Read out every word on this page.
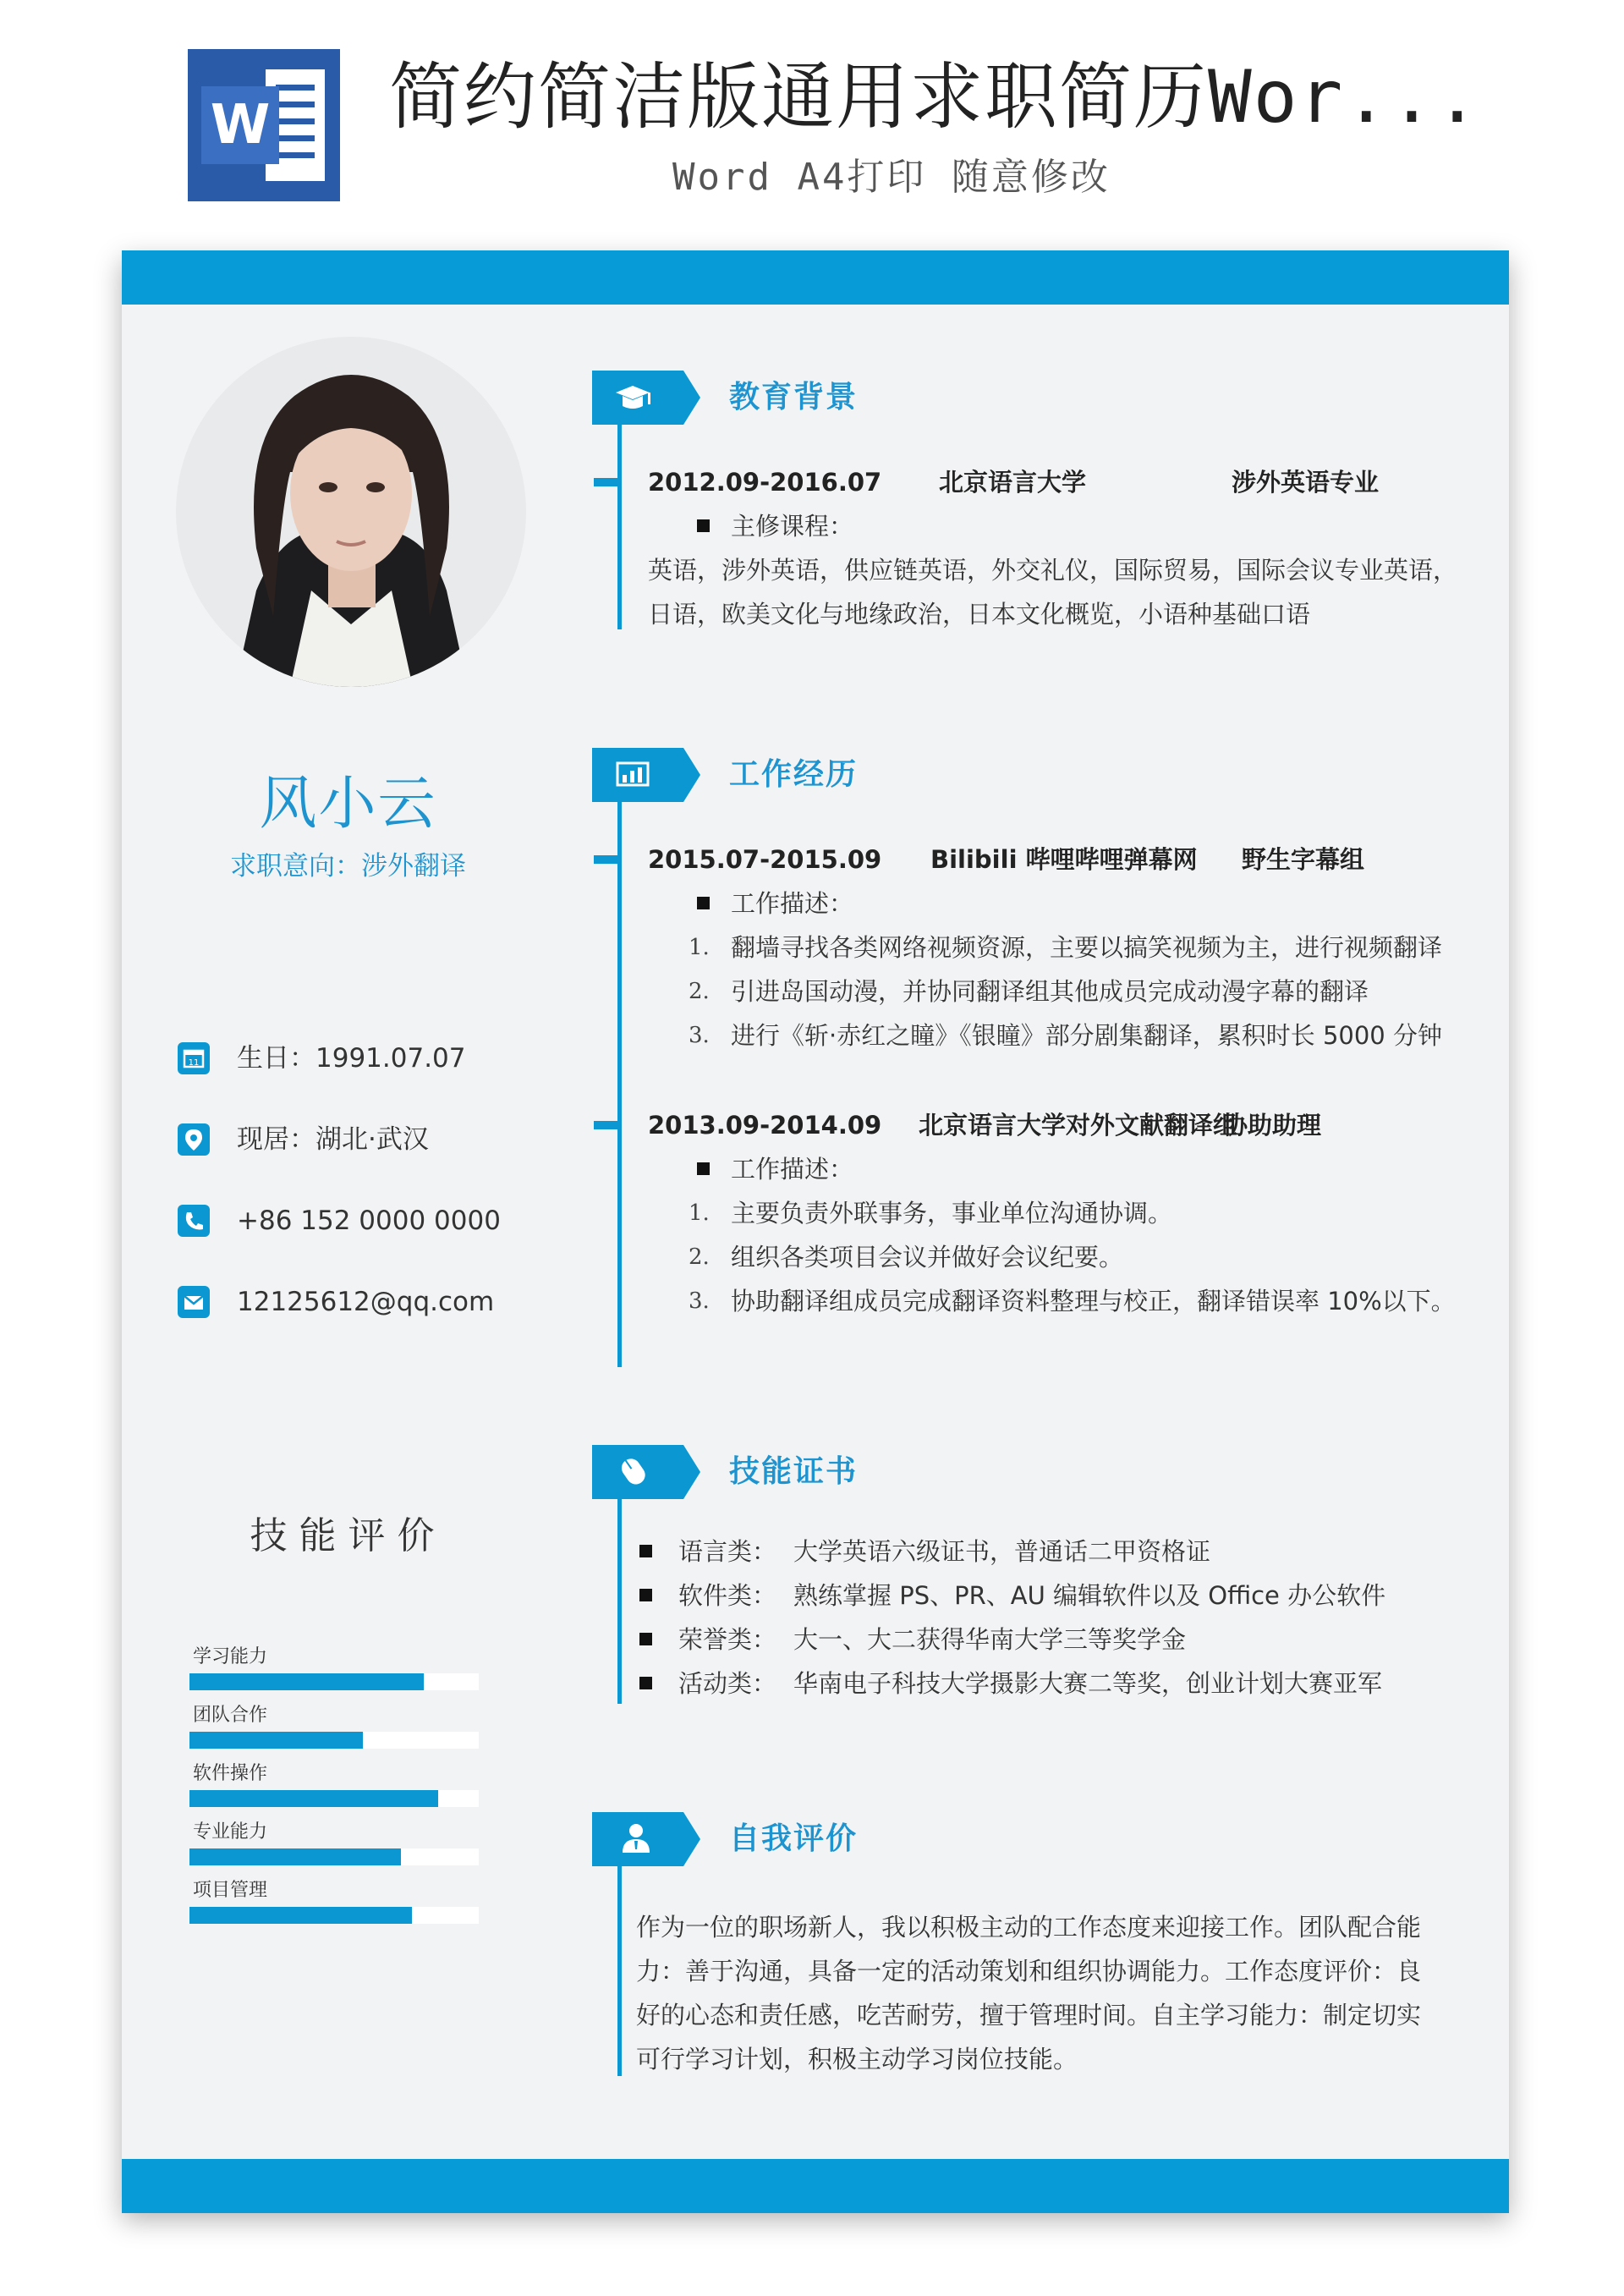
W 简约简洁版通用求职简历Wor...
Word A4打印 随意修改
风小云
求职意向：涉外翻译
11 生日：1991.07.07
现居：湖北·武汉
+86 152 0000 0000
12125612@qq.com
技能评价
学习能力
团队合作
软件操作
专业能力
项目管理
教育背景
2012.09-2016.07 北京语言大学	涉外英语专业
主修课程：
英语，涉外英语，供应链英语，外交礼仪，国际贸易，国际会议专业英语，
日语，欧美文化与地缘政治，日本文化概览，小语种基础口语
工作经历
2015.07-2015.09 Bilibili 哔哩哔哩弹幕网 野生字幕组
工作描述：
1. 翻墙寻找各类网络视频资源，主要以搞笑视频为主，进行视频翻译
2. 引进岛国动漫，并协同翻译组其他成员完成动漫字幕的翻译
3. 进行《斩·赤红之瞳》《银瞳》部分剧集翻译，累积时长 5000 分钟
2013.09-2014.09 北京语言大学对外文献翻译组
协助助理
工作描述：
1. 主要负责外联事务，事业单位沟通协调。
2. 组织各类项目会议并做好会议纪要。
3. 协助翻译组成员完成翻译资料整理与校正，翻译错误率 10%以下。
技能证书
语言类： 大学英语六级证书，普通话二甲资格证
软件类： 熟练掌握 PS、PR、AU 编辑软件以及 Office 办公软件
荣誉类： 大一、大二获得华南大学三等奖学金
活动类： 华南电子科技大学摄影大赛二等奖，创业计划大赛亚军
自我评价
作为一位的职场新人，我以积极主动的工作态度来迎接工作。团队配合能
力：善于沟通，具备一定的活动策划和组织协调能力。工作态度评价：良
好的心态和责任感，吃苦耐劳，擅于管理时间。自主学习能力：制定切实
可行学习计划，积极主动学习岗位技能。
